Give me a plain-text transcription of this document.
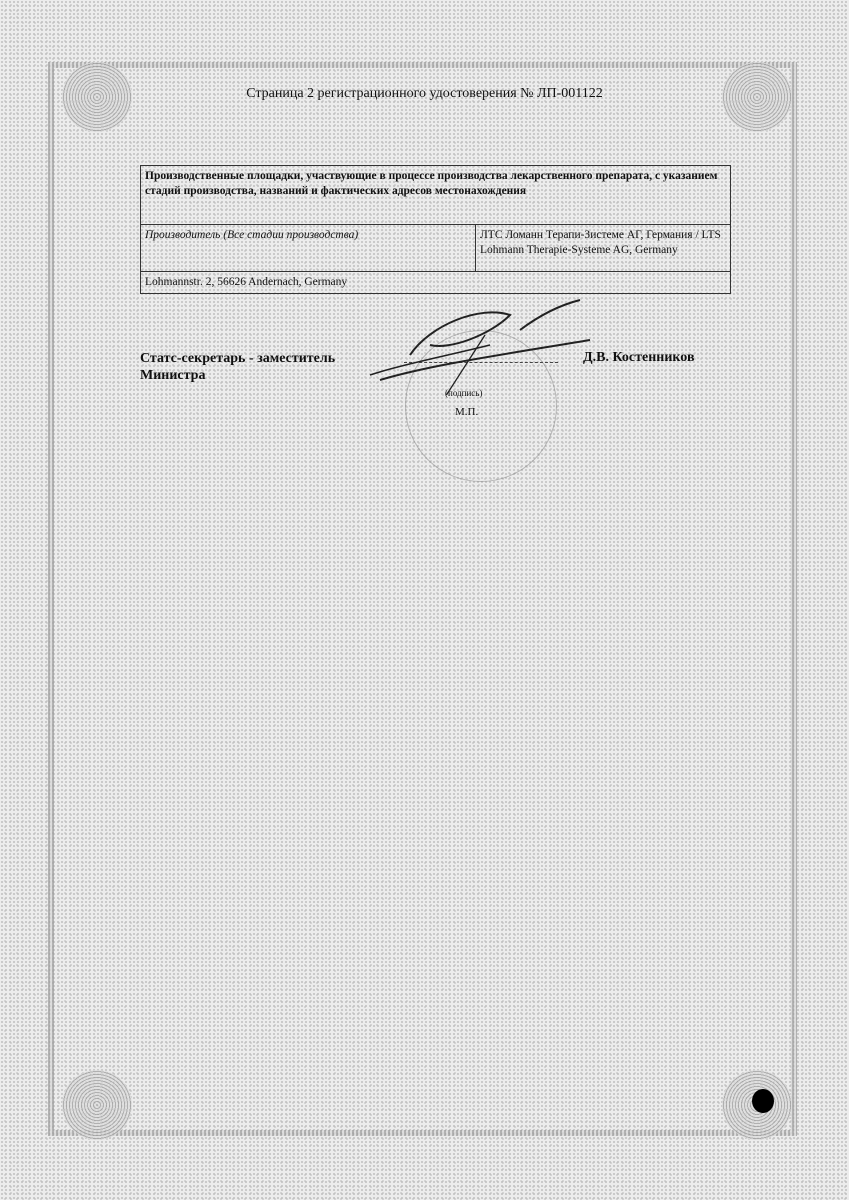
Страница 2 регистрационного удостоверения № ЛП-001122
Производственные площадки, участвующие в процессе производства лекарственного препарата, с указанием стадий производства, названий и фактических адресов местонахождения
Производитель (Все стадии производства)	ЛТС Ломанн Терапи-Зистеме АГ, Германия / LTS Lohmann Therapie-Systeme AG, Germany
Lohmannstr. 2, 56626 Andernach, Germany
Статс-секретарь - заместитель
Министра
Д.В. Костенников
(подпись)
М.П.
